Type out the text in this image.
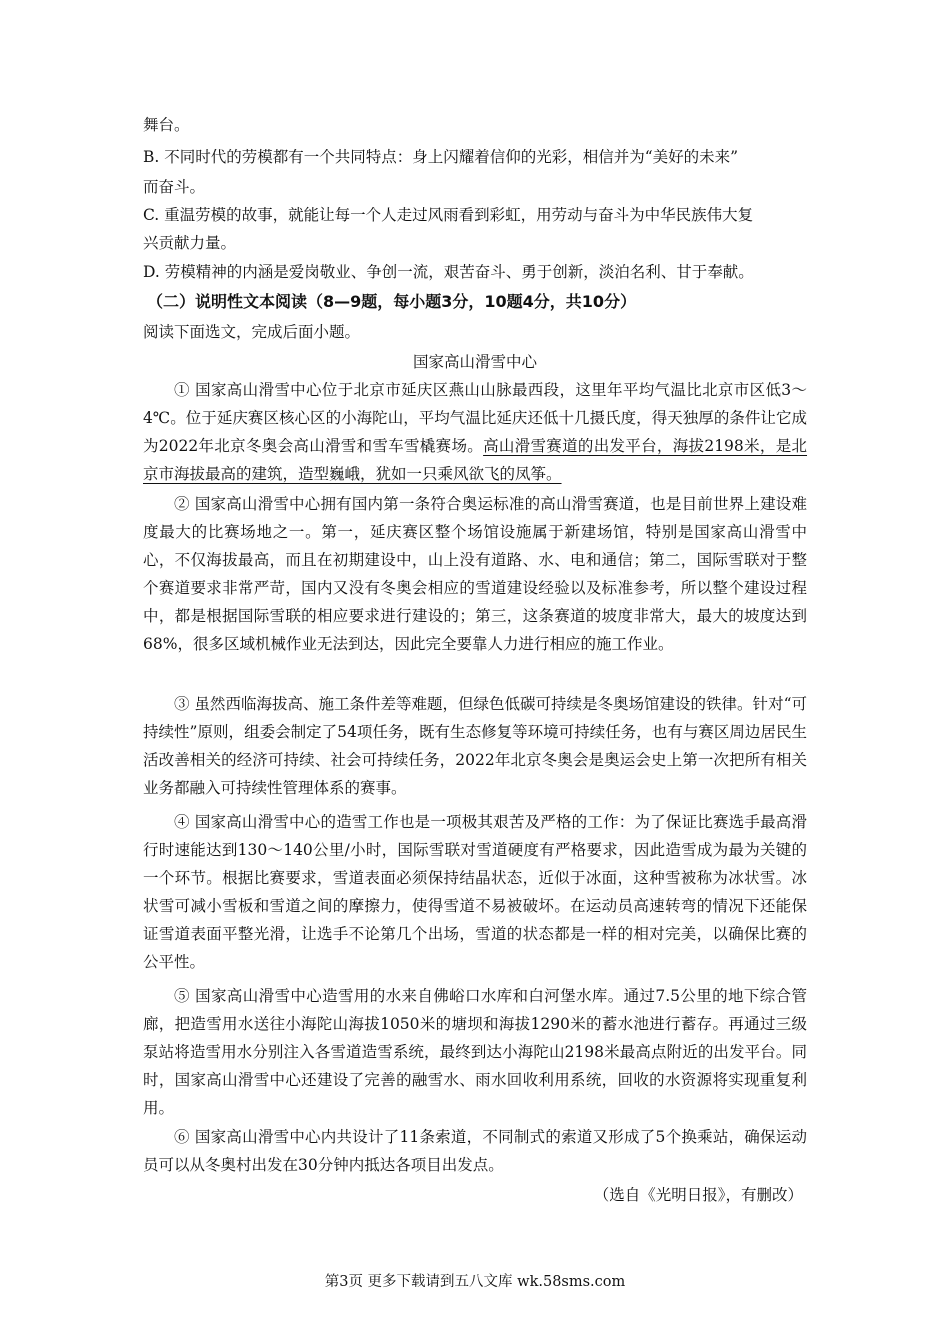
舞台。
B. 不同时代的劳模都有一个共同特点：身上闪耀着信仰的光彩，相信并为“美好的未来”
而奋斗。
C. 重温劳模的故事，就能让每一个人走过风雨看到彩虹，用劳动与奋斗为中华民族伟大复
兴贡献力量。
D. 劳模精神的内涵是爱岗敬业、争创一流，艰苦奋斗、勇于创新，淡泊名利、甘于奉献。
（二）说明性文本阅读（8—9题，每小题3分，10题4分，共10分）
阅读下面选文，完成后面小题。
国家高山滑雪中心

① 国家高山滑雪中心位于北京市延庆区燕山山脉最西段，这里年平均气温比北京市区低3～4℃。位于延庆赛区核心区的小海陀山，平均气温比延庆还低十几摄氏度，得天独厚的条件让它成为2022年北京冬奥会高山滑雪和雪车雪橇赛场。高山滑雪赛道的出发平台，海拔2198米，是北京市海拔最高的建筑，造型巍峨，犹如一只乘风欲飞的凤筝。

② 国家高山滑雪中心拥有国内第一条符合奥运标准的高山滑雪赛道，也是目前世界上建设难度最大的比赛场地之一。第一，延庆赛区整个场馆设施属于新建场馆，特别是国家高山滑雪中心，不仅海拔最高，而且在初期建设中，山上没有道路、水、电和通信；第二，国际雪联对于整个赛道要求非常严苛，国内又没有冬奥会相应的雪道建设经验以及标准参考，所以整个建设过程中，都是根据国际雪联的相应要求进行建设的；第三，这条赛道的坡度非常大，最大的坡度达到68%，很多区域机械作业无法到达，因此完全要靠人力进行相应的施工作业。

③ 虽然西临海拔高、施工条件差等难题，但绿色低碳可持续是冬奥场馆建设的铁律。针对“可持续性”原则，组委会制定了54项任务，既有生态修复等环境可持续任务，也有与赛区周边居民生活改善相关的经济可持续、社会可持续任务，2022年北京冬奥会是奥运会史上第一次把所有相关业务都融入可持续性管理体系的赛事。

④ 国家高山滑雪中心的造雪工作也是一项极其艰苦及严格的工作：为了保证比赛选手最高滑行时速能达到130～140公里/小时，国际雪联对雪道硬度有严格要求，因此造雪成为最为关键的一个环节。根据比赛要求，雪道表面必须保持结晶状态，近似于冰面，这种雪被称为冰状雪。冰状雪可减小雪板和雪道之间的摩擦力，使得雪道不易被破坏。在运动员高速转弯的情况下还能保证雪道表面平整光滑，让选手不论第几个出场，雪道的状态都是一样的相对完美，以确保比赛的公平性。

⑤ 国家高山滑雪中心造雪用的水来自佛峪口水库和白河堡水库。通过7.5公里的地下综合管廊，把造雪用水送往小海陀山海拔1050米的塘坝和海拔1290米的蓄水池进行蓄存。再通过三级泵站将造雪用水分别注入各雪道造雪系统，最终到达小海陀山2198米最高点附近的出发平台。同时，国家高山滑雪中心还建设了完善的融雪水、雨水回收利用系统，回收的水资源将实现重复利用。

⑥ 国家高山滑雪中心内共设计了11条索道，不同制式的索道又形成了5个换乘站，确保运动员可以从冬奥村出发在30分钟内抵达各项目出发点。

（选自《光明日报》，有删改）
第3页 更多下载请到五八文库 wk.58sms.com
